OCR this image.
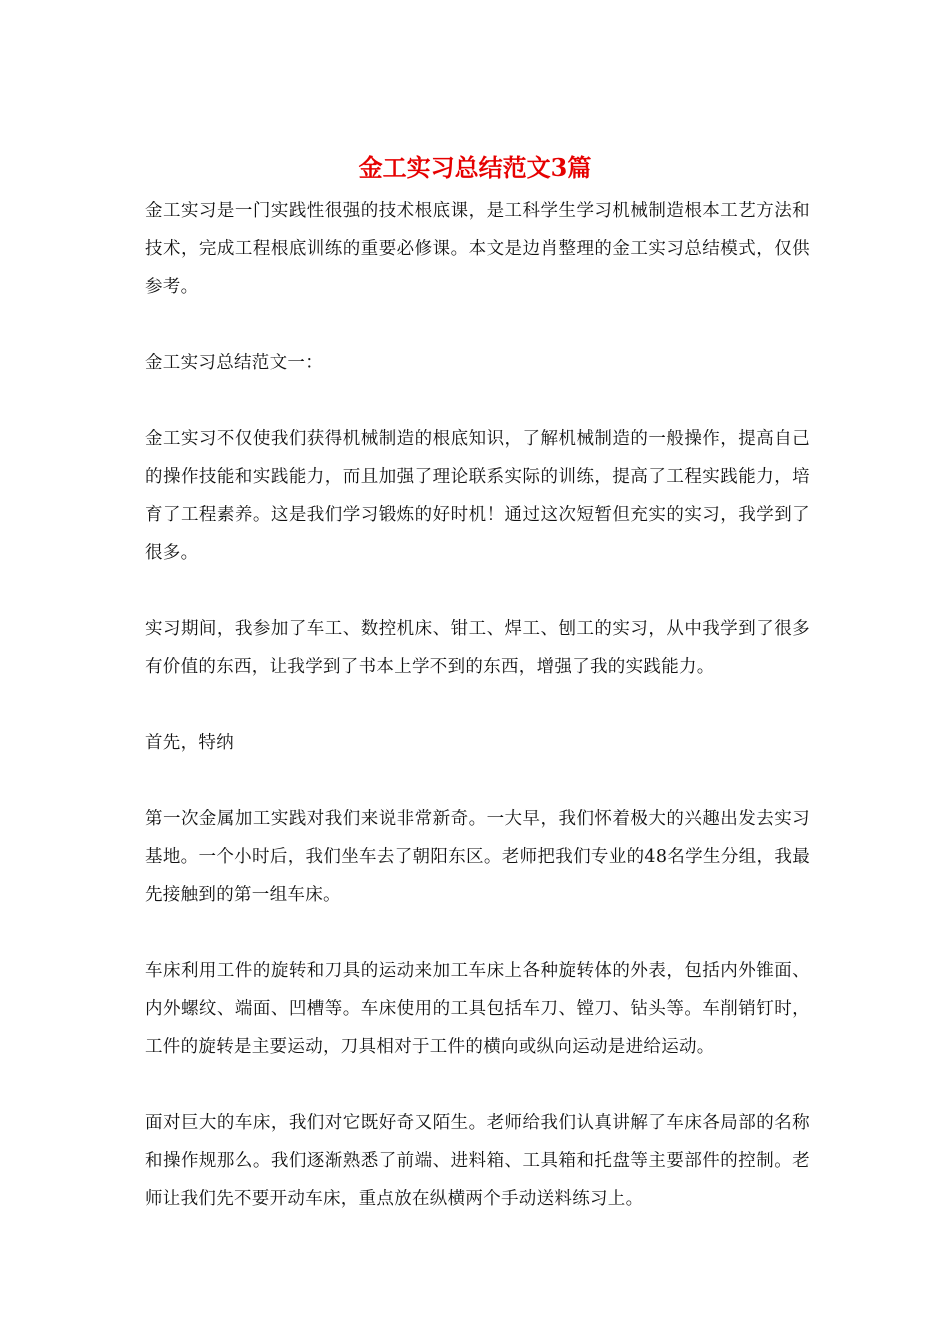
金工实习总结范文3篇

金工实习是一门实践性很强的技术根底课，是工科学生学习机械制造根本工艺方法和技术，完成工程根底训练的重要必修课。本文是边肖整理的金工实习总结模式，仅供参考。

金工实习总结范文一：

金工实习不仅使我们获得机械制造的根底知识，了解机械制造的一般操作，提高自己的操作技能和实践能力，而且加强了理论联系实际的训练，提高了工程实践能力，培育了工程素养。这是我们学习锻炼的好时机！通过这次短暂但充实的实习，我学到了很多。

实习期间，我参加了车工、数控机床、钳工、焊工、刨工的实习，从中我学到了很多有价值的东西，让我学到了书本上学不到的东西，增强了我的实践能力。

首先，特纳

第一次金属加工实践对我们来说非常新奇。一大早，我们怀着极大的兴趣出发去实习基地。一个小时后，我们坐车去了朝阳东区。老师把我们专业的48名学生分组，我最先接触到的第一组车床。

车床利用工件的旋转和刀具的运动来加工车床上各种旋转体的外表，包括内外锥面、内外螺纹、端面、凹槽等。车床使用的工具包括车刀、镗刀、钻头等。车削销钉时，工件的旋转是主要运动，刀具相对于工件的横向或纵向运动是进给运动。

面对巨大的车床，我们对它既好奇又陌生。老师给我们认真讲解了车床各局部的名称和操作规那么。我们逐渐熟悉了前端、进料箱、工具箱和托盘等主要部件的控制。老师让我们先不要开动车床，重点放在纵横两个手动送料练习上。
